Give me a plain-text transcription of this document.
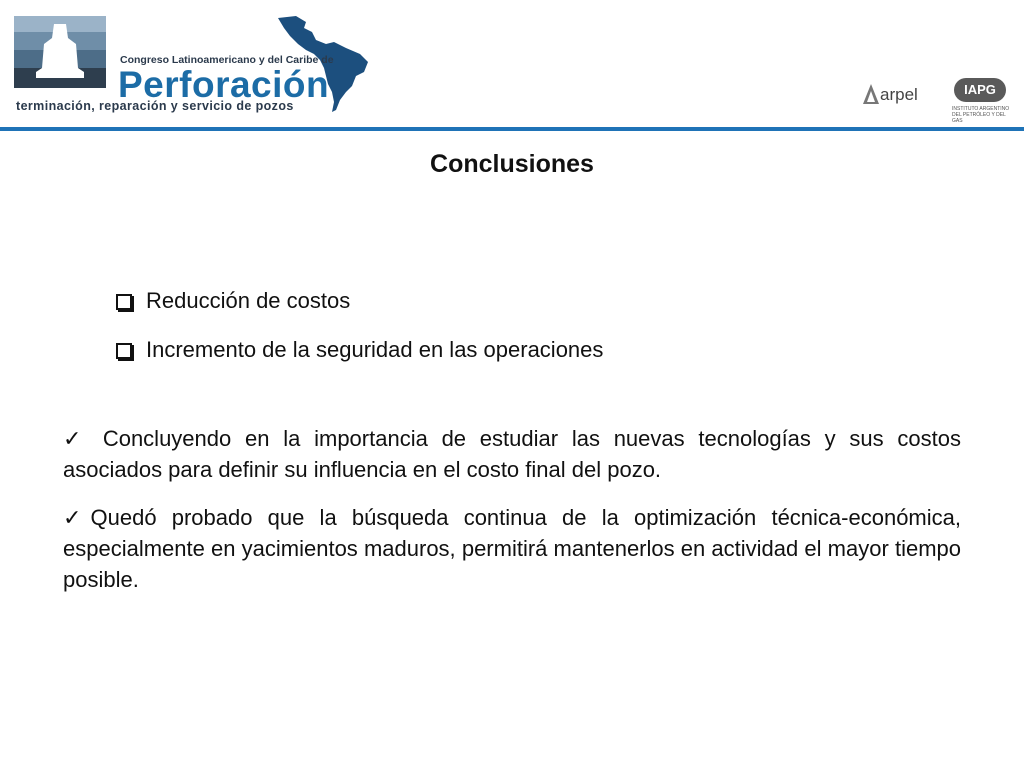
Congreso Latinoamericano y del Caribe de
Perforación
terminación, reparación y servicio de pozos
arpel	IAPG
INSTITUTO ARGENTINO DEL PETRÓLEO Y DEL GAS
Conclusiones
Reducción de costos
Incremento de la seguridad en las operaciones
✓ Concluyendo en la importancia de estudiar las nuevas tecnologías y sus costos asociados para definir su influencia en el costo final del pozo.
✓Quedó probado que la búsqueda continua de la optimización técnica-económica, especialmente en yacimientos maduros, permitirá mantenerlos en actividad el mayor tiempo posible.
